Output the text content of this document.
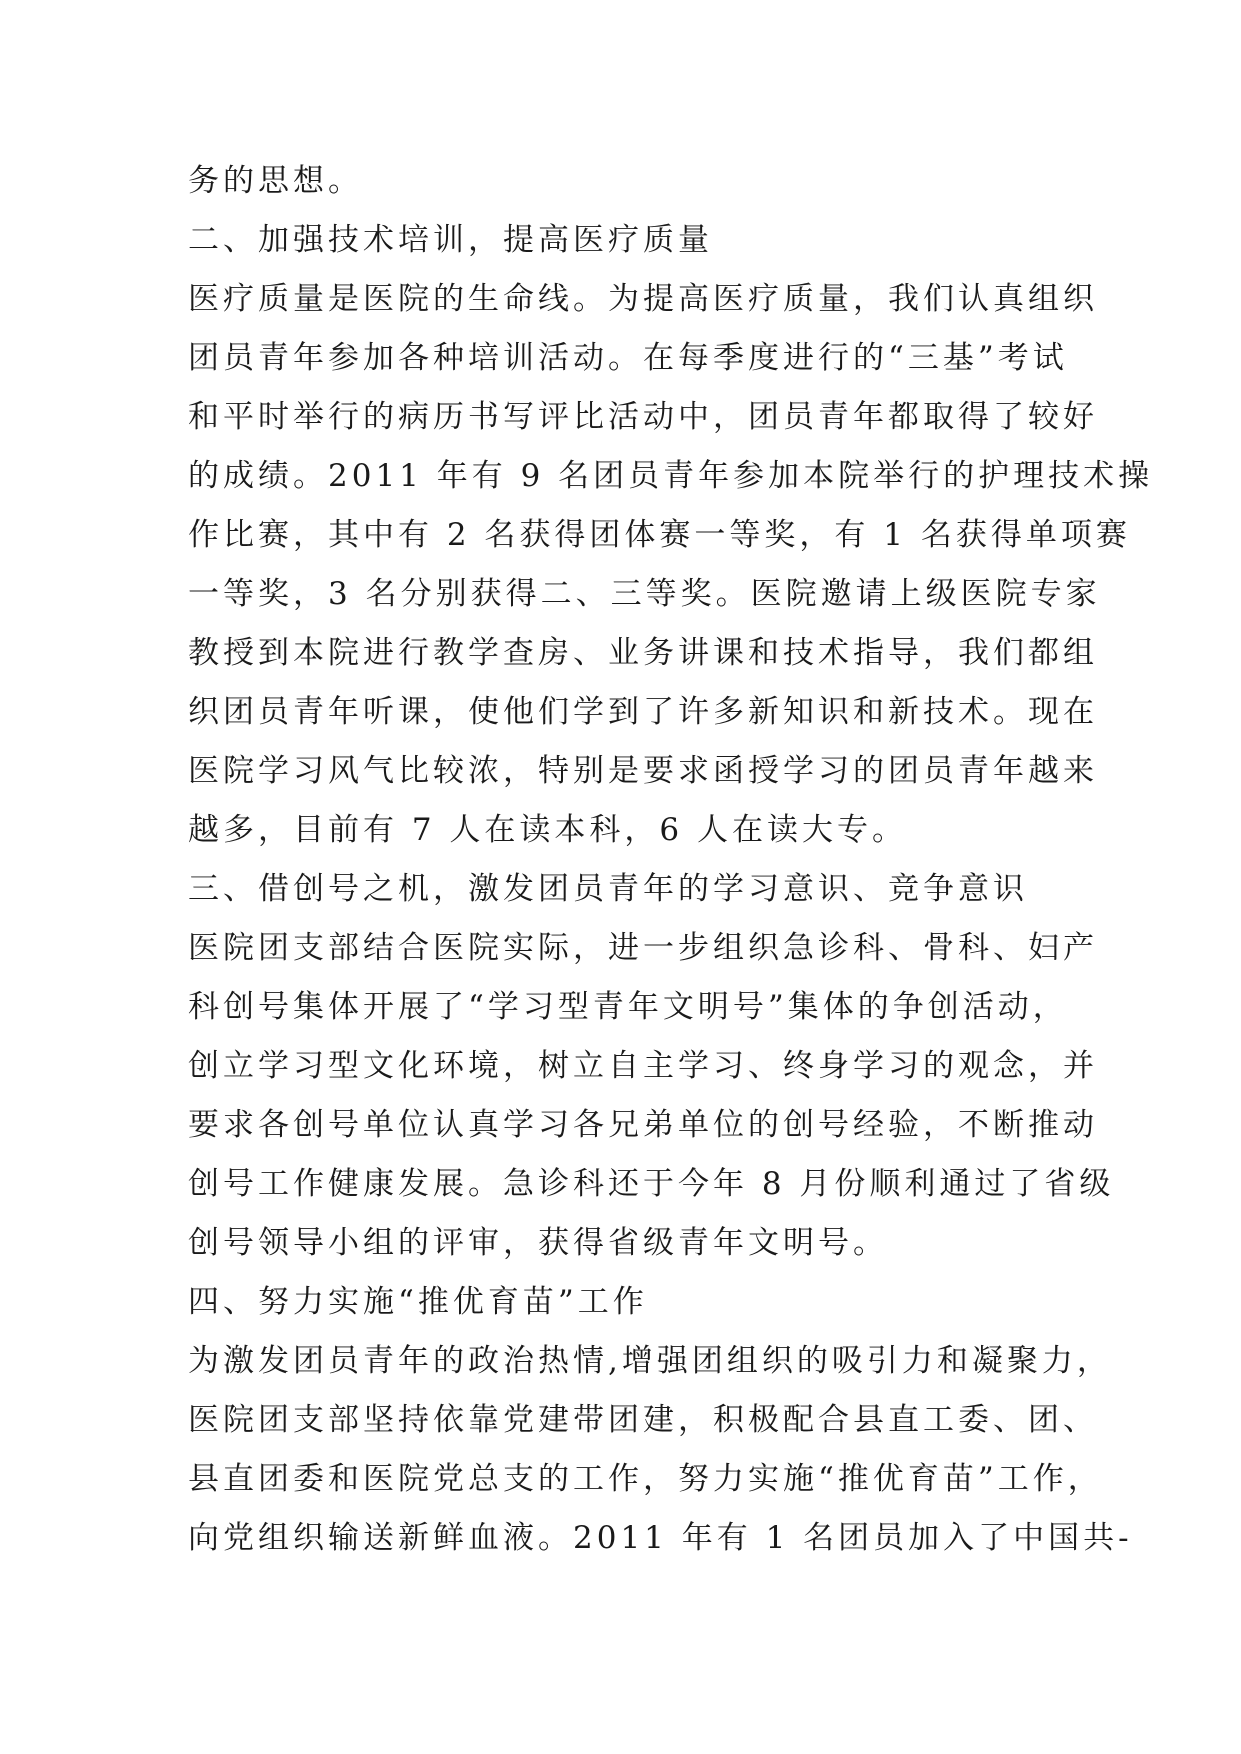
务的思想。
二、加强技术培训，提高医疗质量
医疗质量是医院的生命线。为提高医疗质量，我们认真组织
团员青年参加各种培训活动。在每季度进行的“三基”考试
和平时举行的病历书写评比活动中，团员青年都取得了较好
的成绩。2011 年有 9 名团员青年参加本院举行的护理技术操
作比赛，其中有 2 名获得团体赛一等奖，有 1 名获得单项赛
一等奖，3 名分别获得二、三等奖。医院邀请上级医院专家
教授到本院进行教学查房、业务讲课和技术指导，我们都组
织团员青年听课，使他们学到了许多新知识和新技术。现在
医院学习风气比较浓，特别是要求函授学习的团员青年越来
越多，目前有 7 人在读本科，6 人在读大专。
三、借创号之机，激发团员青年的学习意识、竞争意识
医院团支部结合医院实际，进一步组织急诊科、骨科、妇产
科创号集体开展了“学习型青年文明号”集体的争创活动，
创立学习型文化环境，树立自主学习、终身学习的观念，并
要求各创号单位认真学习各兄弟单位的创号经验，不断推动
创号工作健康发展。急诊科还于今年 8 月份顺利通过了省级
创号领导小组的评审，获得省级青年文明号。
四、努力实施“推优育苗”工作
为激发团员青年的政治热情,增强团组织的吸引力和凝聚力，
医院团支部坚持依靠党建带团建，积极配合县直工委、团、
县直团委和医院党总支的工作，努力实施“推优育苗”工作，
向党组织输送新鲜血液。2011 年有 1 名团员加入了中国共-
